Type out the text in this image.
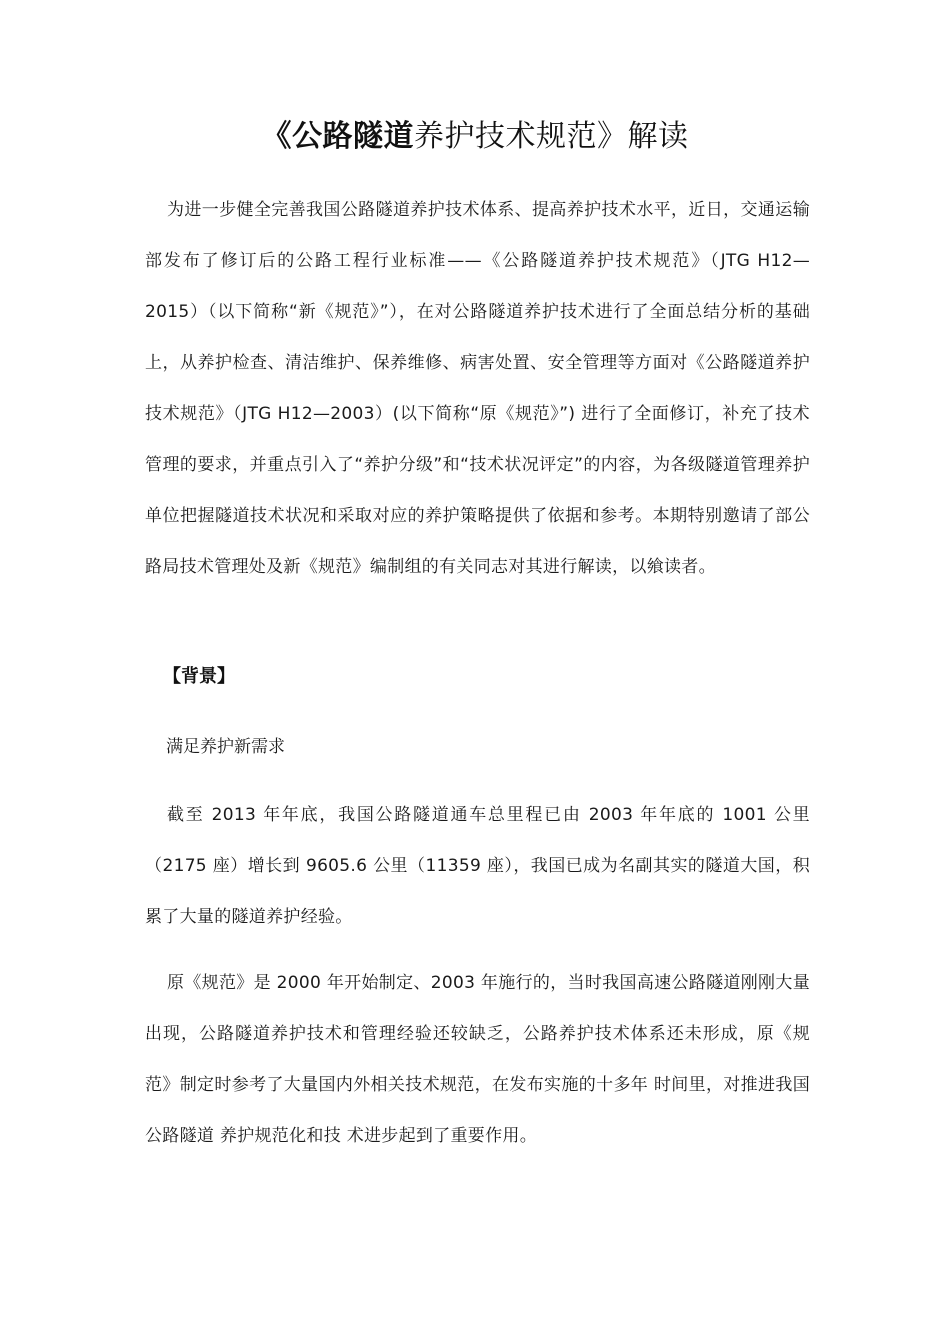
《公路隧道养护技术规范》解读
为进一步健全完善我国公路隧道养护技术体系、提高养护技术水平，近日，交通运输部发布了修订后的公路工程行业标准——《公路隧道养护技术规范》（JTG H12—2015）（以下简称“新《规范》”），在对公路隧道养护技术进行了全面总结分析的基础上，从养护检查、清洁维护、保养维修、病害处置、安全管理等方面对《公路隧道养护技术规范》（JTG H12—2003）(以下简称“原《规范》”) 进行了全面修订，补充了技术管理的要求，并重点引入了“养护分级”和“技术状况评定”的内容，为各级隧道管理养护单位把握隧道技术状况和采取对应的养护策略提供了依据和参考。本期特别邀请了部公路局技术管理处及新《规范》编制组的有关同志对其进行解读，以飨读者。
【背景】
满足养护新需求
截至 2013 年年底，我国公路隧道通车总里程已由 2003 年年底的 1001 公里（2175 座）增长到 9605.6 公里（11359 座），我国已成为名副其实的隧道大国，积累了大量的隧道养护经验。
原《规范》是 2000 年开始制定、2003 年施行的，当时我国高速公路隧道刚刚大量出现，公路隧道养护技术和管理经验还较缺乏，公路养护技术体系还未形成，原《规范》制定时参考了大量国内外相关技术规范，在发布实施的十多年 时间里，对推进我国公路隧道 养护规范化和技 术进步起到了重要作用。
